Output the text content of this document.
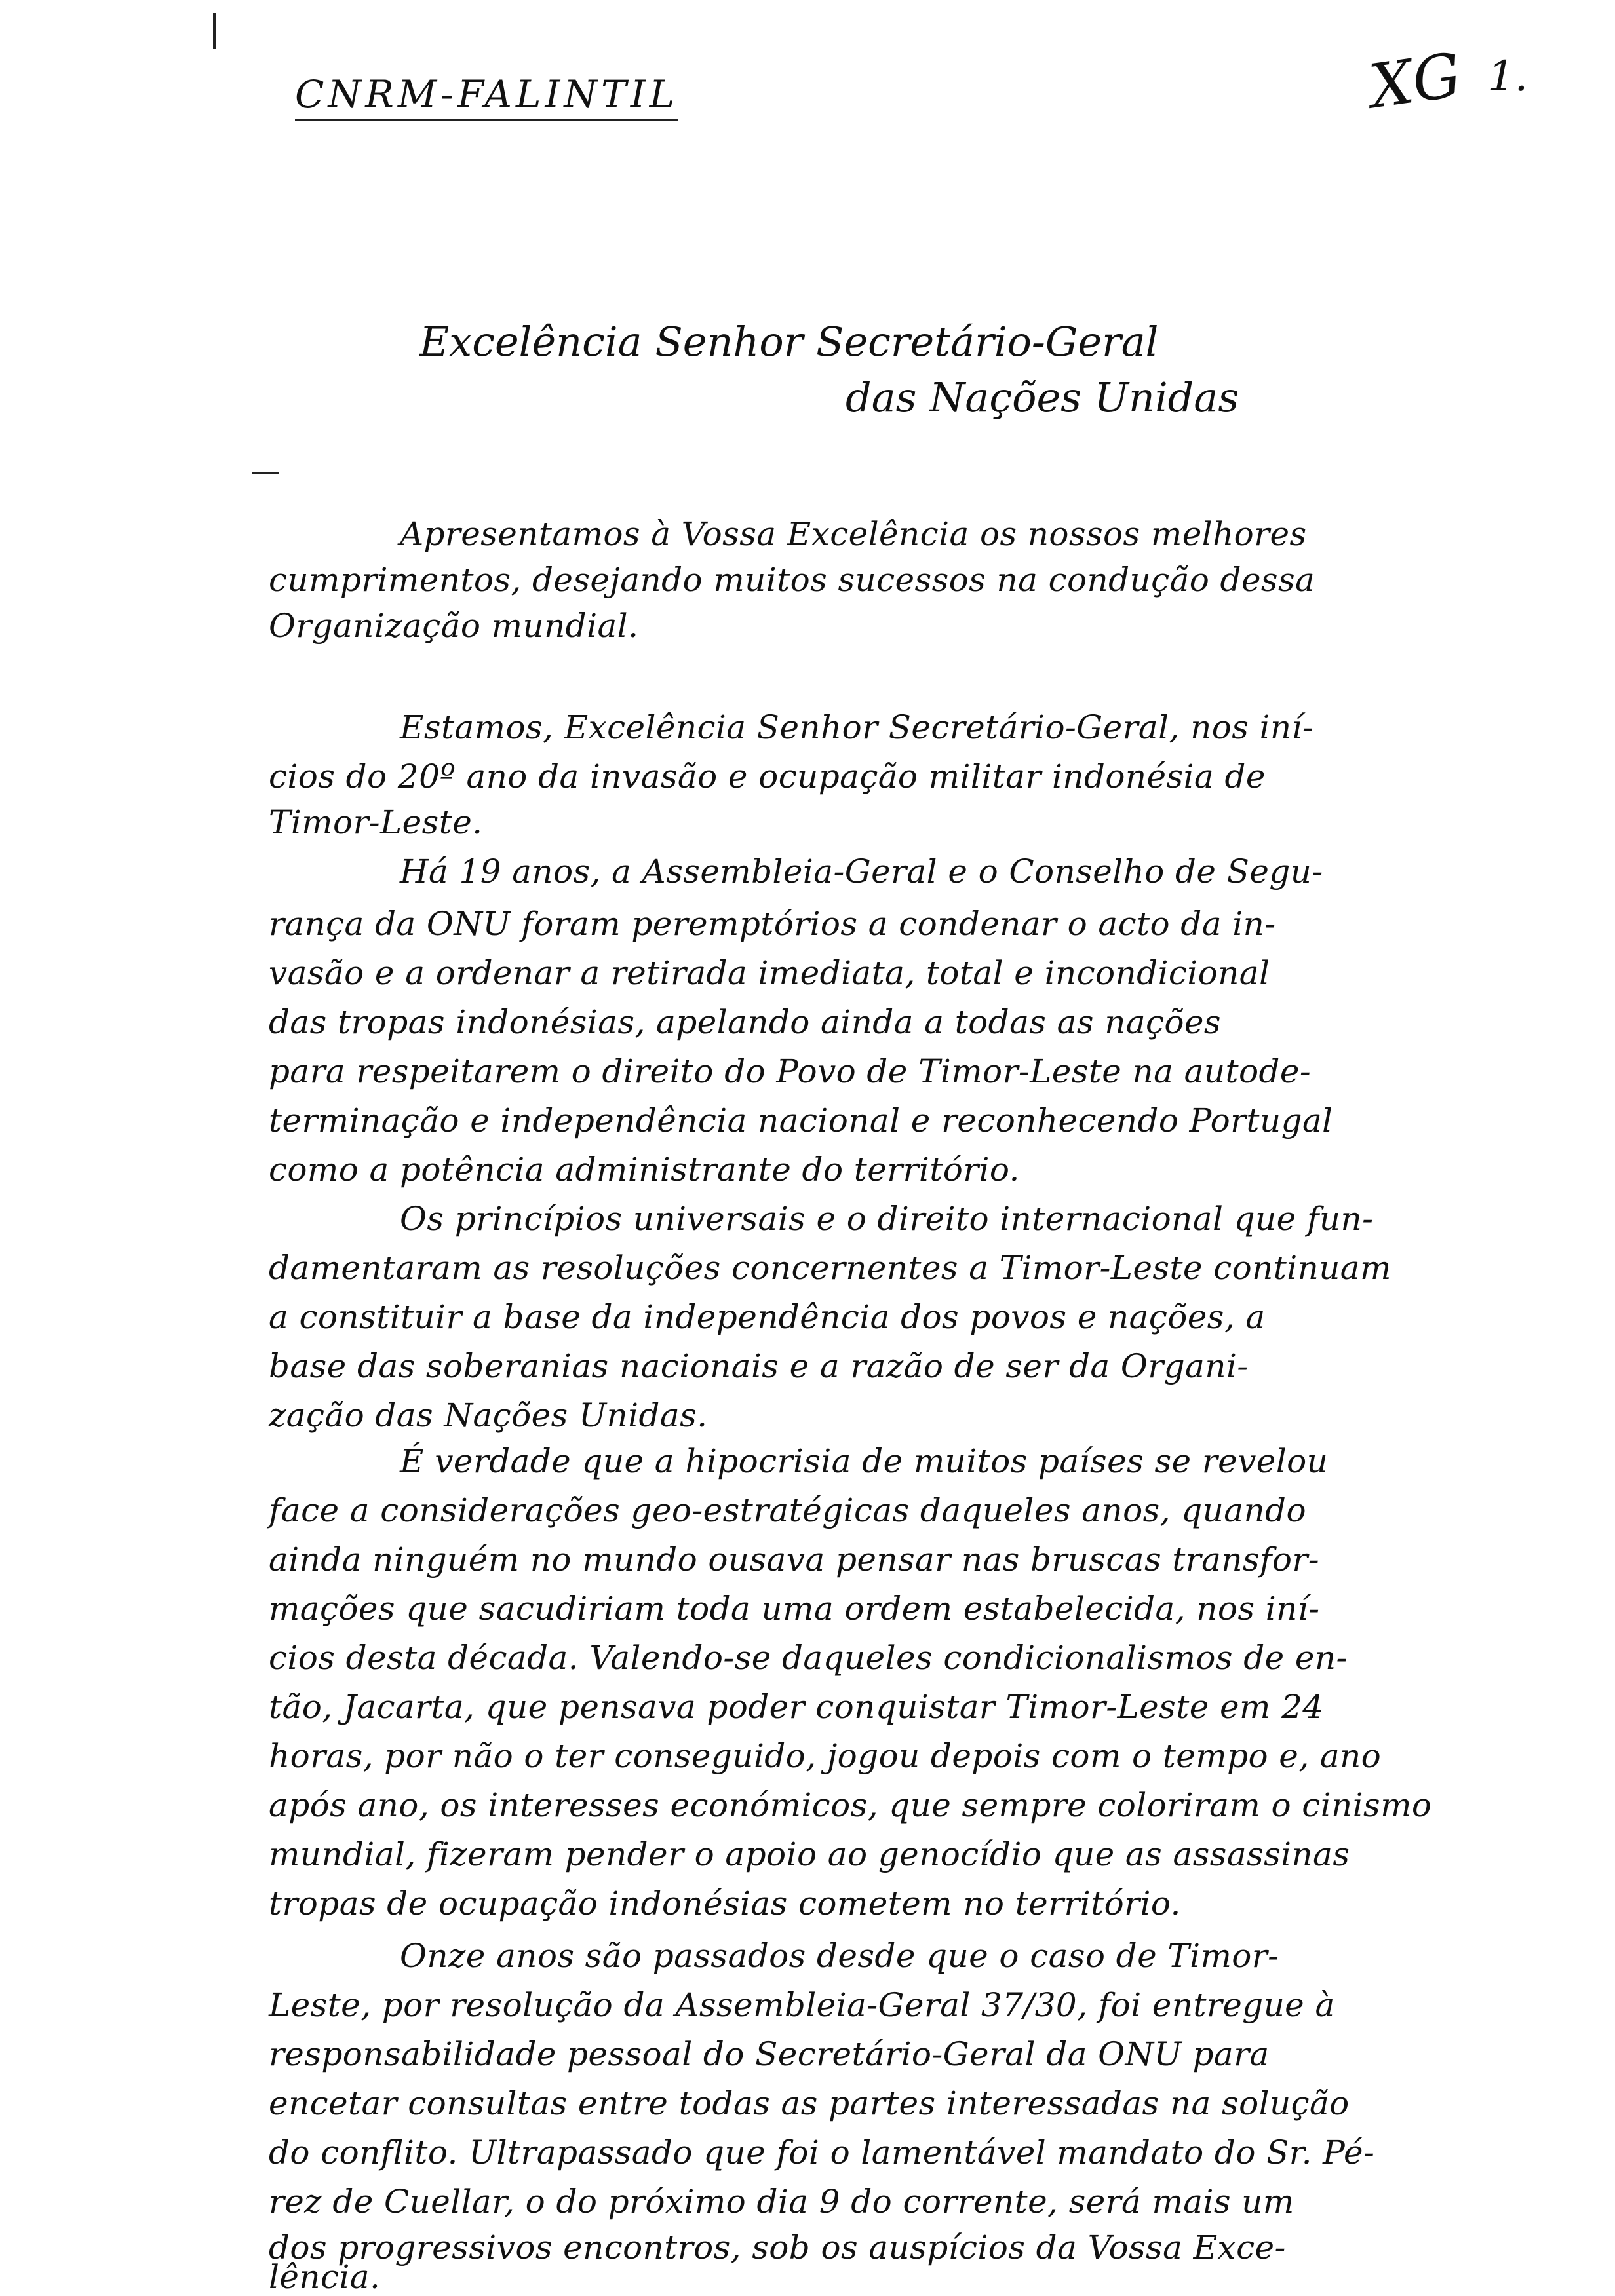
CNRM-FALINTIL	XG 1.
Excelência Senhor Secretário-Geral
das Nações Unidas
Apresentamos à Vossa Excelência os nossos melhores
cumprimentos, desejando muitos sucessos na condução dessa
Organização mundial.
Estamos, Excelência Senhor Secretário-Geral, nos iní-
cios do 20º ano da invasão e ocupação militar indonésia de
Timor-Leste.
Há 19 anos, a Assembleia-Geral e o Conselho de Segu-
rança da ONU foram peremptórios a condenar o acto da in-
vasão e a ordenar a retirada imediata, total e incondicional
das tropas indonésias, apelando ainda a todas as nações
para respeitarem o direito do Povo de Timor-Leste na autode-
terminação e independência nacional e reconhecendo Portugal
como a potência administrante do território.
Os princípios universais e o direito internacional que fun-
damentaram as resoluções concernentes a Timor-Leste continuam
a constituir a base da independência dos povos e nações, a
base das soberanias nacionais e a razão de ser da Organi-
zação das Nações Unidas.
É verdade que a hipocrisia de muitos países se revelou
face a considerações geo-estratégicas daqueles anos, quando
ainda ninguém no mundo ousava pensar nas bruscas transfor-
mações que sacudiriam toda uma ordem estabelecida, nos iní-
cios desta década. Valendo-se daqueles condicionalismos de en-
tão, Jacarta, que pensava poder conquistar Timor-Leste em 24
horas, por não o ter conseguido, jogou depois com o tempo e, ano
após ano, os interesses económicos, que sempre coloriram o cinismo
mundial, fizeram pender o apoio ao genocídio que as assassinas
tropas de ocupação indonésias cometem no território.
Onze anos são passados desde que o caso de Timor-
Leste, por resolução da Assembleia-Geral 37/30, foi entregue à
responsabilidade pessoal do Secretário-Geral da ONU para
encetar consultas entre todas as partes interessadas na solução
do conflito. Ultrapassado que foi o lamentável mandato do Sr. Pé-
rez de Cuellar, o do próximo dia 9 do corrente, será mais um
dos progressivos encontros, sob os auspícios da Vossa Exce-
lência.
